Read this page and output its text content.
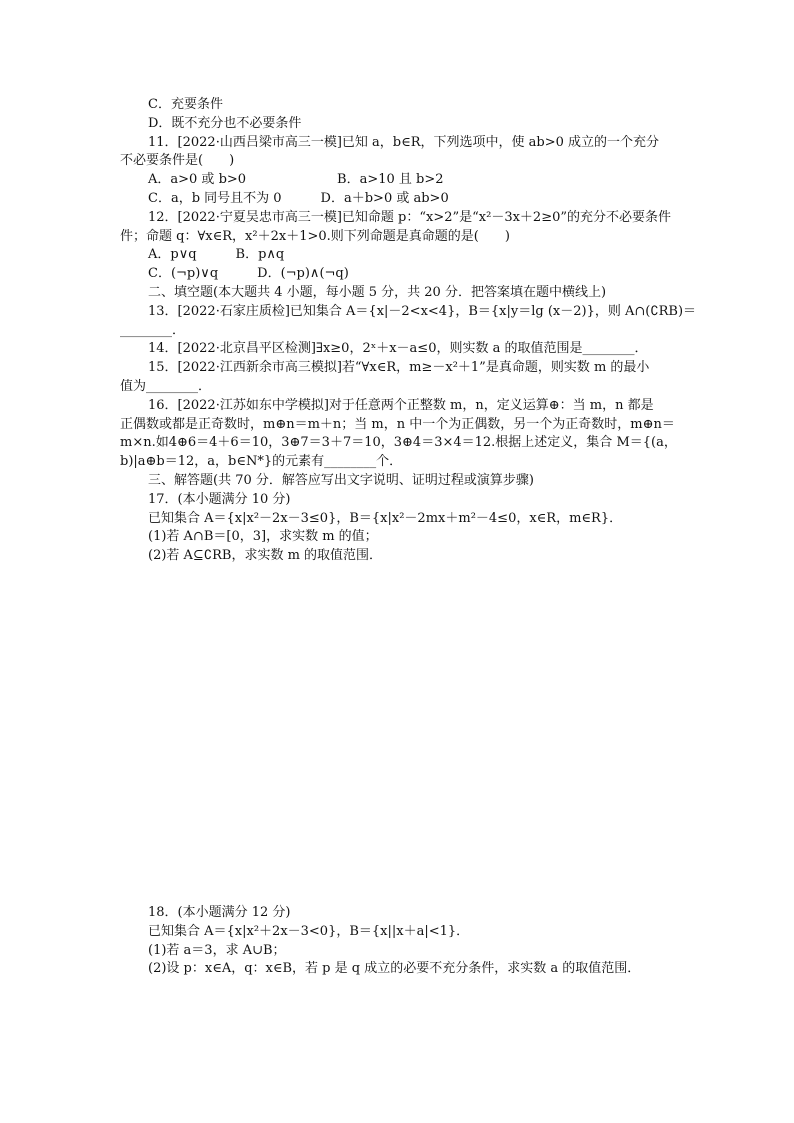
C．充要条件
D．既不充分也不必要条件
11．[2022·山西吕梁市高三一模]已知 a，b∈R，下列选项中，使 ab>0 成立的一个充分
不必要条件是(　　)
A．a>0 或 b>0　　　　　　　B．a>10 且 b>2
C．a，b 同号且不为 0　　　D．a＋b>0 或 ab>0
12．[2022·宁夏吴忠市高三一模]已知命题 p：“x>2”是“x²－3x＋2≥0”的充分不必要条件
件；命题 q：∀x∈R，x²＋2x＋1>0.则下列命题是真命题的是(　　)
A．p∨q　　　B．p∧q
C．(¬p)∨q　　　D．(¬p)∧(¬q)
二、填空题(本大题共 4 小题，每小题 5 分，共 20 分．把答案填在题中横线上)
13．[2022·石家庄质检]已知集合 A＝{x|－2<x<4}，B＝{x|y＝lg (x－2)}，则 A∩(∁RB)＝
________．
14．[2022·北京昌平区检测]∃x≥0，2ˣ＋x－a≤0，则实数 a 的取值范围是________．
15．[2022·江西新余市高三模拟]若“∀x∈R，m≥－x²＋1”是真命题，则实数 m 的最小
值为________．
16．[2022·江苏如东中学模拟]对于任意两个正整数 m，n，定义运算⊕：当 m，n 都是
正偶数或都是正奇数时，m⊕n＝m＋n；当 m，n 中一个为正偶数，另一个为正奇数时，m⊕n＝
m×n.如4⊕6＝4＋6＝10，3⊕7＝3＋7＝10，3⊕4＝3×4＝12.根据上述定义，集合 M＝{(a，
b)|a⊕b＝12，a，b∈N*}的元素有________个．
三、解答题(共 70 分．解答应写出文字说明、证明过程或演算步骤)
17．(本小题满分 10 分)
已知集合 A＝{x|x²－2x－3≤0}，B＝{x|x²－2mx＋m²－4≤0，x∈R，m∈R}．
(1)若 A∩B＝[0，3]，求实数 m 的值；
(2)若 A⊆∁RB，求实数 m 的取值范围．
18．(本小题满分 12 分)
已知集合 A＝{x|x²＋2x－3<0}，B＝{x||x＋a|<1}．
(1)若 a＝3，求 A∪B；
(2)设 p：x∈A，q：x∈B，若 p 是 q 成立的必要不充分条件，求实数 a 的取值范围．
